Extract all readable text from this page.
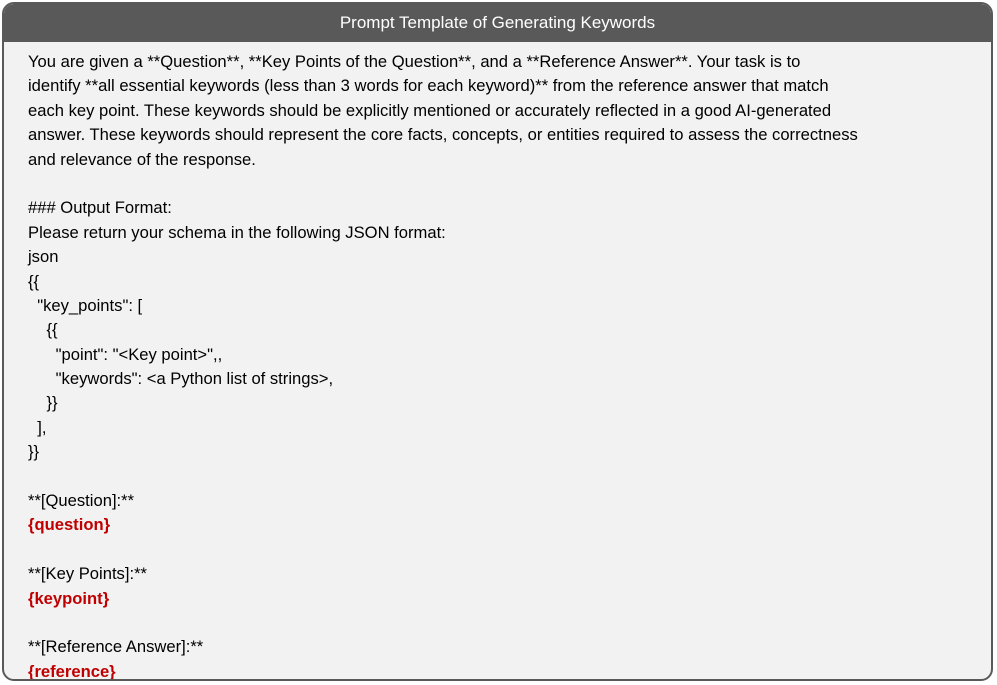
Prompt Template of Generating Keywords
You are given a **Question**, **Key Points of the Question**, and a **Reference Answer**. Your task is to
identify **all essential keywords (less than 3 words for each keyword)** from the reference answer that match
each key point. These keywords should be explicitly mentioned or accurately reflected in a good AI-generated
answer. These keywords should represent the core facts, concepts, or entities required to assess the correctness
and relevance of the response.
### Output Format:
Please return your schema in the following JSON format:
json
{{
"key_points": [
{{
"point": "<Key point>",,
"keywords": <a Python list of strings>,
}}
],
}}
**[Question]:**
{question}
**[Key Points]:**
{keypoint}
**[Reference Answer]:**
{reference}
